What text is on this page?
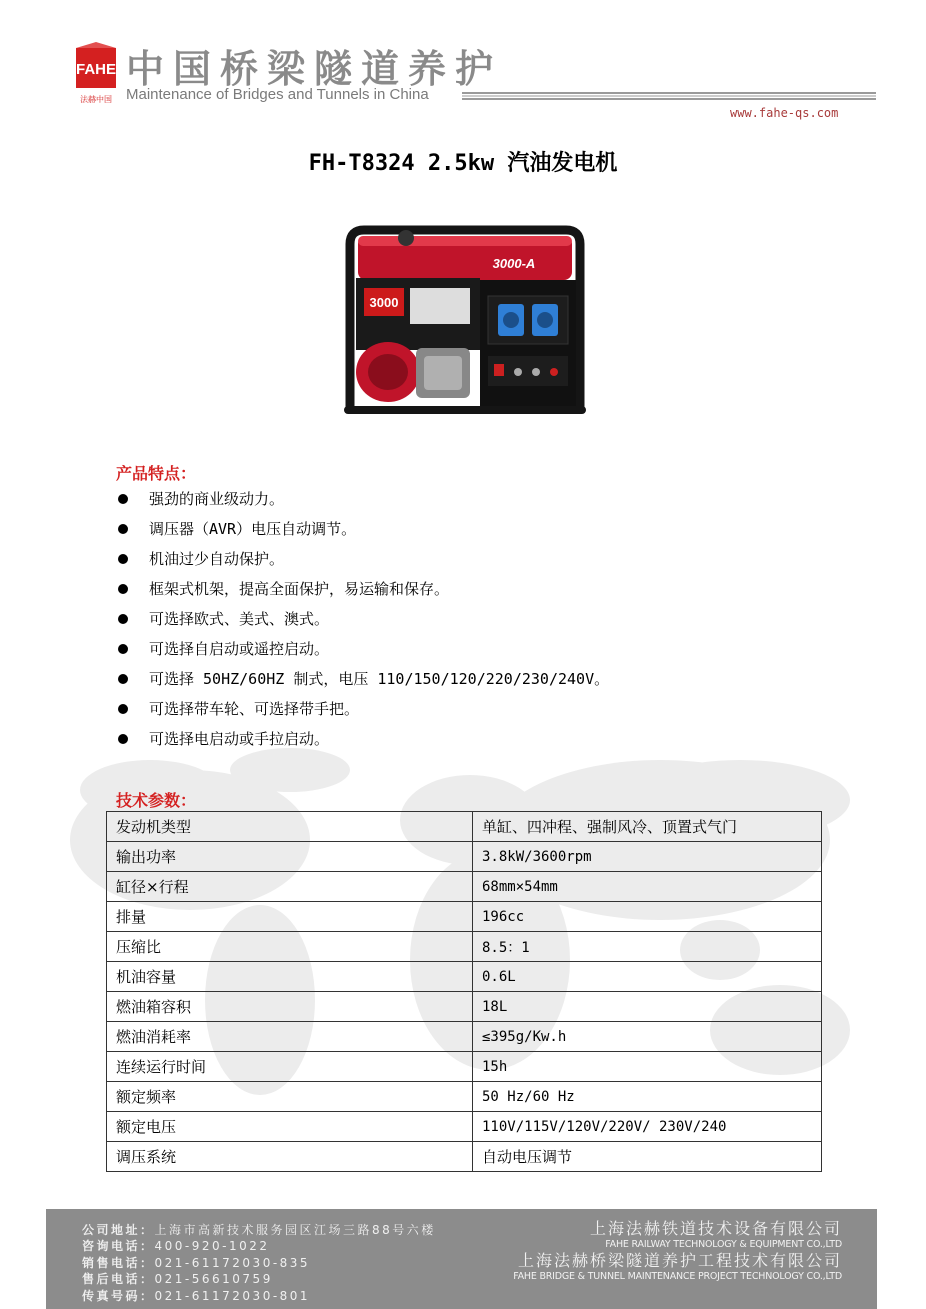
FAHE
法赫中国
中国桥梁隧道养护
Maintenance of Bridges and Tunnels in China
www.fahe-qs.com
FH-T8324 2.5kw 汽油发电机
3000-A
3000
产品特点：
强劲的商业级动力。
调压器（AVR）电压自动调节。
机油过少自动保护。
框架式机架，提高全面保护，易运输和保存。
可选择欧式、美式、澳式。
可选择自启动或遥控启动。
可选择 50HZ/60HZ 制式，电压 110/150/120/220/230/240V。
可选择带车轮、可选择带手把。
可选择电启动或手拉启动。
技术参数：
发动机类型	单缸、四冲程、强制风冷、顶置式气门
输出功率	3.8kW/3600rpm
缸径×行程	68mm×54mm
排量	196cc
压缩比	8.5：1
机油容量	0.6L
燃油箱容积	18L
燃油消耗率	≤395g/Kw.h
连续运行时间	15h
额定频率	50 Hz/60 Hz
额定电压	110V/115V/120V/220V/ 230V/240
调压系统	自动电压调节
公司地址：上海市高新技术服务园区江场三路88号六楼
咨询电话：400-920-1022
销售电话：021-61172030-835
售后电话：021-56610759
传真号码：021-61172030-801
上海法赫铁道技术设备有限公司
FAHE RAILWAY TECHNOLOGY & EQUIPMENT CO.,LTD
上海法赫桥梁隧道养护工程技术有限公司
FAHE BRIDGE & TUNNEL MAINTENANCE PROJECT TECHNOLOGY CO.,LTD
